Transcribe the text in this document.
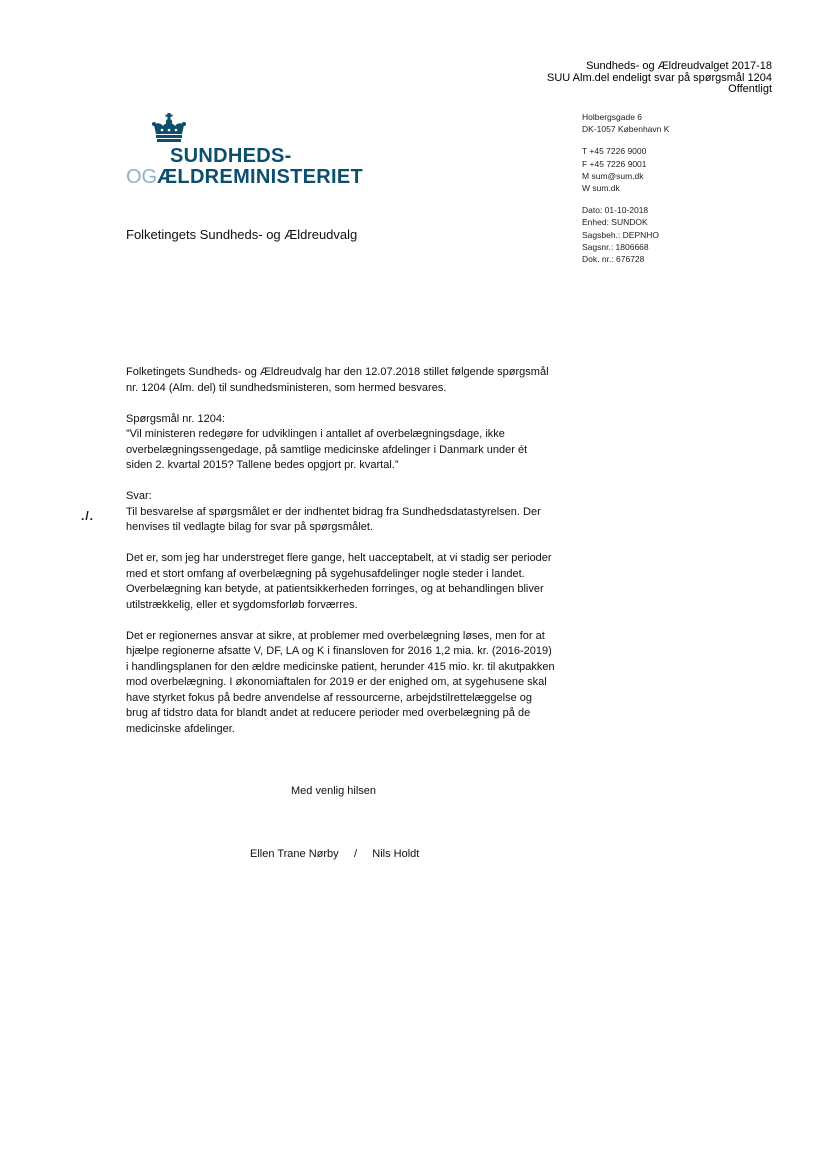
Sundheds- og Ældreudvalget 2017-18
SUU Alm.del endeligt svar på spørgsmål 1204
Offentligt
SUNDHEDS-
OGÆLDREMINISTERIET
Folketingets Sundheds- og Ældreudvalg
Holbergsgade 6
DK-1057 København K
T +45 7226 9000
F +45 7226 9001
M sum@sum.dk
W sum.dk
Dato: 01-10-2018
Enhed: SUNDOK
Sagsbeh.: DEPNHO
Sagsnr.: 1806668
Dok. nr.: 676728

Folketingets Sundheds- og Ældreudvalg har den 12.07.2018 stillet følgende spørgsmål nr. 1204 (Alm. del) til sundhedsministeren, som hermed besvares.

Spørgsmål nr. 1204:

”Vil ministeren redegøre for udviklingen i antallet af overbelægningsdage, ikke overbelægningssengedage, på samtlige medicinske afdelinger i Danmark under ét siden 2. kvartal 2015? Tallene bedes opgjort pr. kvartal.”

Svar:

Til besvarelse af spørgsmålet er der indhentet bidrag fra Sundhedsdatastyrelsen. Der henvises til vedlagte bilag for svar på spørgsmålet.

Det er, som jeg har understreget flere gange, helt uacceptabelt, at vi stadig ser perioder med et stort omfang af overbelægning på sygehusafdelinger nogle steder i landet. Overbelægning kan betyde, at patientsikkerheden forringes, og at behandlingen bliver utilstrækkelig, eller et sygdomsforløb forværres.

Det er regionernes ansvar at sikre, at problemer med overbelægning løses, men for at hjælpe regionerne afsatte V, DF, LA og K i finansloven for 2016 1,2 mia. kr. (2016-2019) i handlingsplanen for den ældre medicinske patient, herunder 415 mio. kr. til akutpakken mod overbelægning. I økonomiaftalen for 2019 er der enighed om, at sygehusene skal have styrket fokus på bedre anvendelse af ressourcerne, arbejdstilrettelæggelse og brug af tidstro data for blandt andet at reducere perioder med overbelægning på de medicinske afdelinger.

./.
Med venlig hilsen
Ellen Trane Nørby / Nils Holdt
